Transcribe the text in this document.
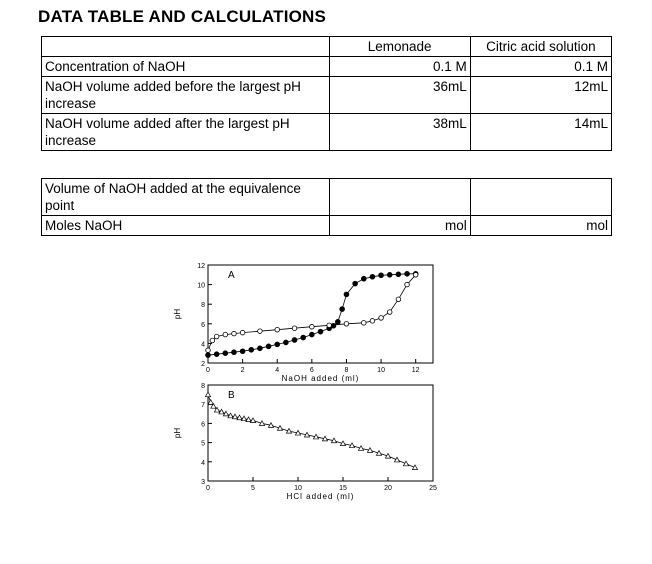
DATA TABLE AND CALCULATIONS
	Lemonade	Citric acid solution
Concentration of NaOH	0.1 M	0.1 M
NaOH volume added before the largest pH increase	36mL	12mL
NaOH volume added after the largest pH increase	38mL	14mL
Volume of NaOH added at the equivalence point		
Moles NaOH	mol	mol
A
0	2	4	6	8	10	12
2
4
6
8
10
12
NaOH added (ml)
pH
B
0	5	10	15	20	25
3
4
5
6
7
8
HCl added (ml)
pH
